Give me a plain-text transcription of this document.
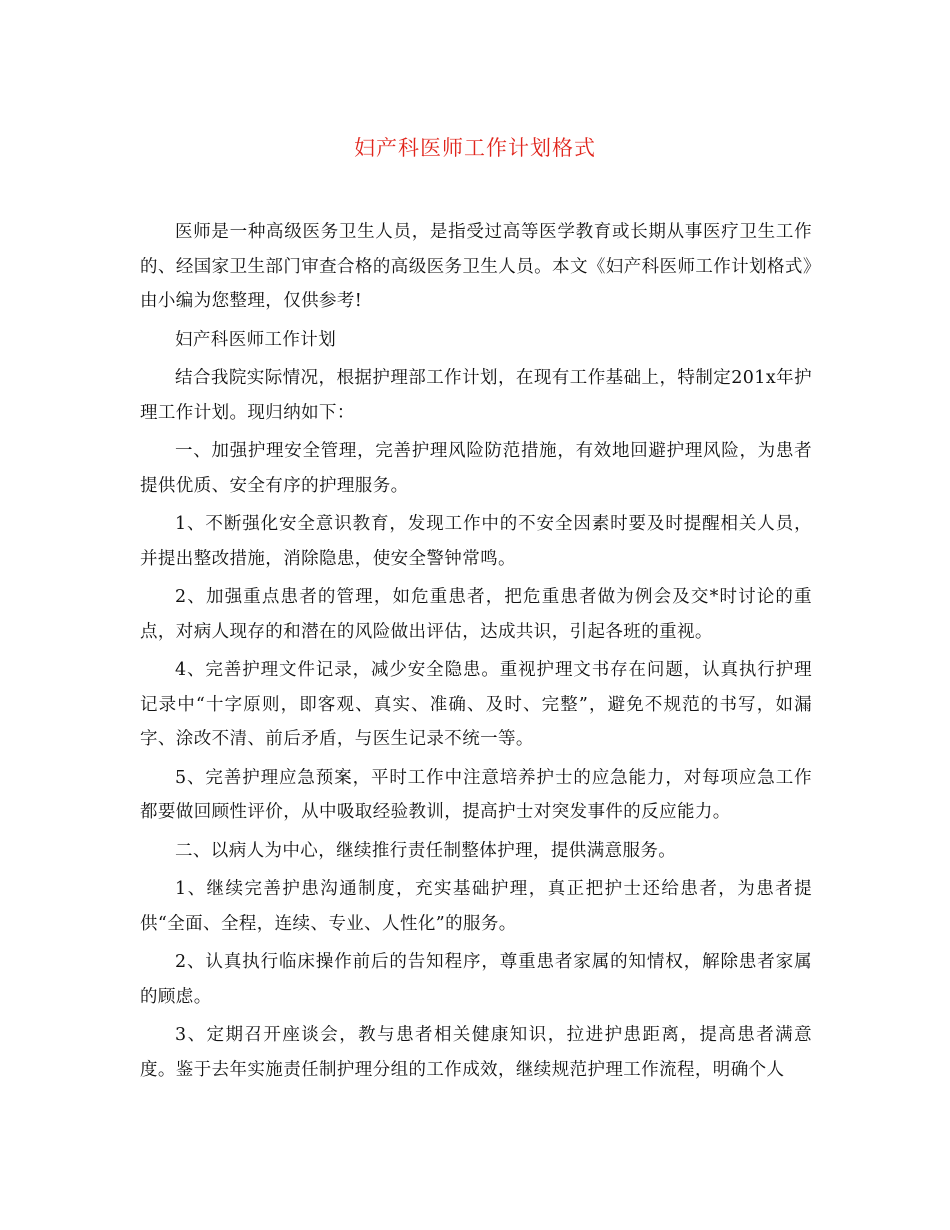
妇产科医师工作计划格式

医师是一种高级医务卫生人员，是指受过高等医学教育或长期从事医疗卫生工作的、经国家卫生部门审查合格的高级医务卫生人员。本文《妇产科医师工作计划格式》由小编为您整理，仅供参考!

妇产科医师工作计划

结合我院实际情况，根据护理部工作计划，在现有工作基础上，特制定201x年护理工作计划。现归纳如下：

一、加强护理安全管理，完善护理风险防范措施，有效地回避护理风险，为患者提供优质、安全有序的护理服务。

1、不断强化安全意识教育，发现工作中的不安全因素时要及时提醒相关人员，并提出整改措施，消除隐患，使安全警钟常鸣。

2、加强重点患者的管理，如危重患者，把危重患者做为例会及交*时讨论的重点，对病人现存的和潜在的风险做出评估，达成共识，引起各班的重视。

4、完善护理文件记录，减少安全隐患。重视护理文书存在问题，认真执行护理记录中“十字原则，即客观、真实、准确、及时、完整”，避免不规范的书写，如漏字、涂改不清、前后矛盾，与医生记录不统一等。

5、完善护理应急预案，平时工作中注意培养护士的应急能力，对每项应急工作都要做回顾性评价，从中吸取经验教训，提高护士对突发事件的反应能力。

二、以病人为中心，继续推行责任制整体护理，提供满意服务。

1、继续完善护患沟通制度，充实基础护理，真正把护士还给患者，为患者提供“全面、全程，连续、专业、人性化”的服务。

2、认真执行临床操作前后的告知程序，尊重患者家属的知情权，解除患者家属的顾虑。

3、定期召开座谈会，教与患者相关健康知识，拉进护患距离，提高患者满意度。鉴于去年实施责任制护理分组的工作成效，继续规范护理工作流程，明确个人
